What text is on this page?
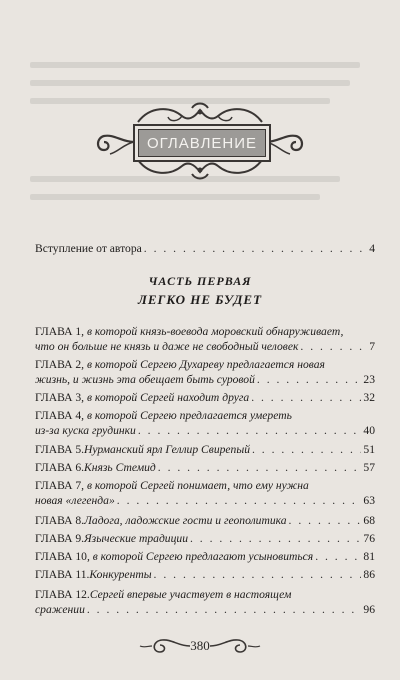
ОГЛАВЛЕНИЕ
Вступление от автора . . .	4
ЧАСТЬ ПЕРВАЯ
ЛЕГКО НЕ БУДЕТ
ГЛАВА 1 , в которой князь-воевода моровский обнаруживает,
что он больше не князь и даже не свободный человек . . .	7
ГЛАВА 2 , в которой Сергею Духареву предлагается новая
жизнь, и жизнь эта обещает быть суровой . . .	23
ГЛАВА 3 , в которой Сергей находит друга . . .	32
ГЛАВА 4 , в которой Сергею предлагается умереть
из-за куска грудинки . . .	40
ГЛАВА 5. Нурманский ярл Геллир Свирепый . . .	51
ГЛАВА 6. Князь Стемид . . .	57
ГЛАВА 7 , в которой Сергей понимает, что ему нужна
новая «легенда» . . .	63
ГЛАВА 8. Ладога, ладожские гости и геополитика . . .	68
ГЛАВА 9. Языческие традиции . . .	76
ГЛАВА 10 , в которой Сергею предлагают усыновиться . . .	81
ГЛАВА 11. Конкуренты . . .	86
ГЛАВА 12. Сергей впервые участвует в настоящем
сражении . . .	96
380
